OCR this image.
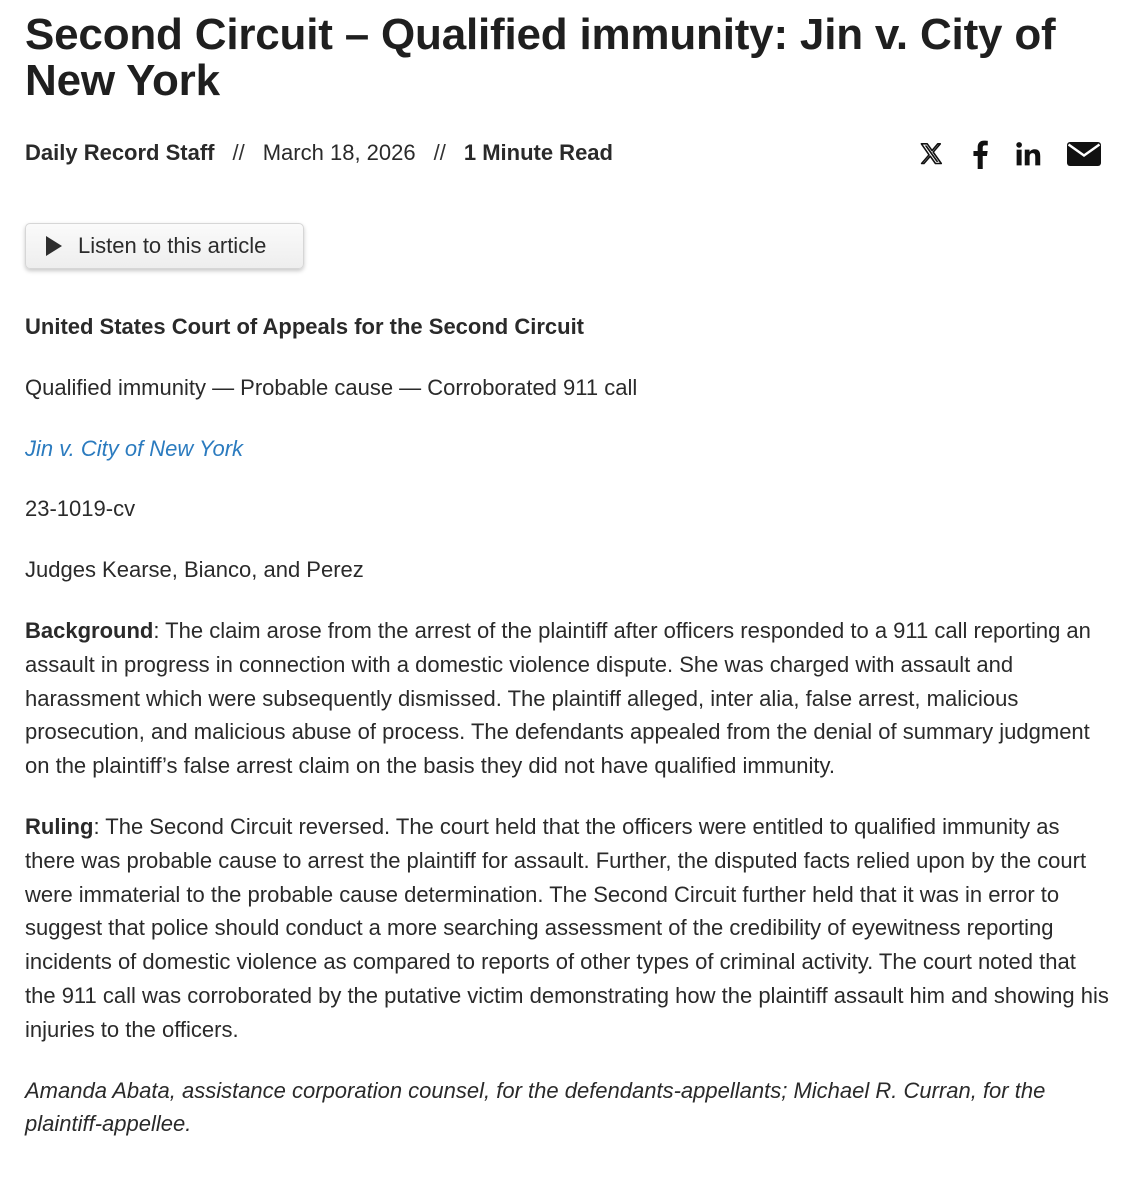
Second Circuit – Qualified immunity: Jin v. City of New York
Daily Record Staff // March 18, 2026 // 1 Minute Read
Listen to this article

United States Court of Appeals for the Second Circuit

Qualified immunity — Probable cause — Corroborated 911 call

Jin v. City of New York

23-1019-cv

Judges Kearse, Bianco, and Perez

Background: The claim arose from the arrest of the plaintiff after officers responded to a 911 call reporting an assault in progress in connection with a domestic violence dispute. She was charged with assault and harassment which were subsequently dismissed. The plaintiff alleged, inter alia, false arrest, malicious prosecution, and malicious abuse of process. The defendants appealed from the denial of summary judgment on the plaintiff’s false arrest claim on the basis they did not have qualified immunity.

Ruling: The Second Circuit reversed. The court held that the officers were entitled to qualified immunity as there was probable cause to arrest the plaintiff for assault. Further, the disputed facts relied upon by the court were immaterial to the probable cause determination. The Second Circuit further held that it was in error to suggest that police should conduct a more searching assessment of the credibility of eyewitness reporting incidents of domestic violence as compared to reports of other types of criminal activity. The court noted that the 911 call was corroborated by the putative victim demonstrating how the plaintiff assault him and showing his injuries to the officers.

Amanda Abata, assistance corporation counsel, for the defendants-appellants; Michael R. Curran, for the plaintiff-appellee.
